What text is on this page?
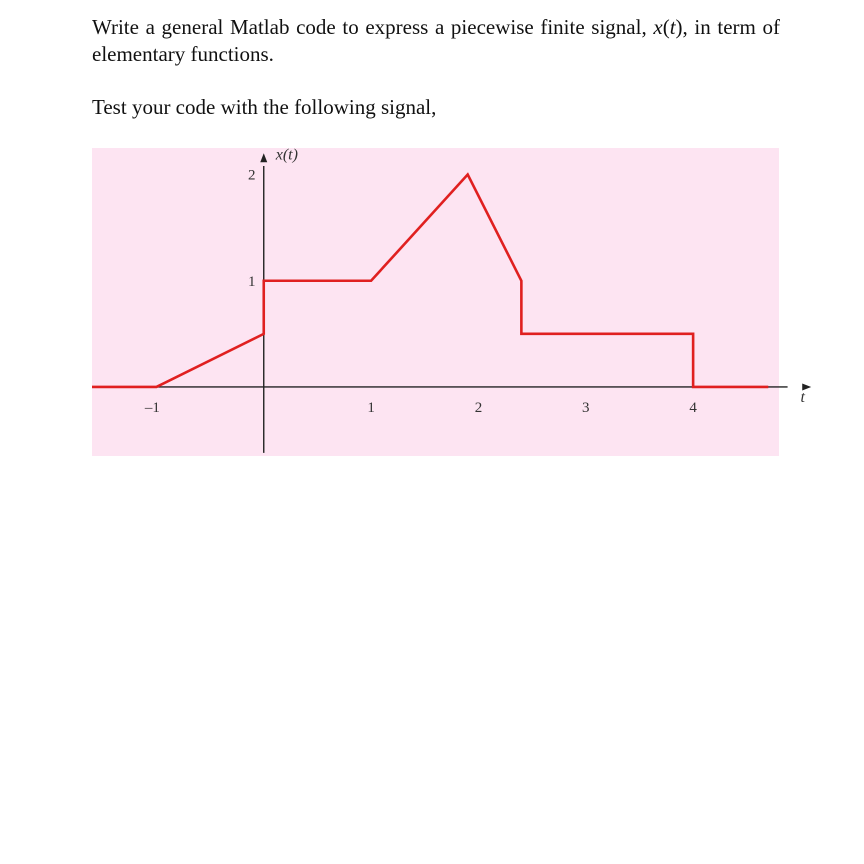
Write a general Matlab code to express a piecewise finite signal, x(t), in term of elementary functions.

Test your code with the following signal,

–1	1	2	3	4
1
2
t
x(t)
